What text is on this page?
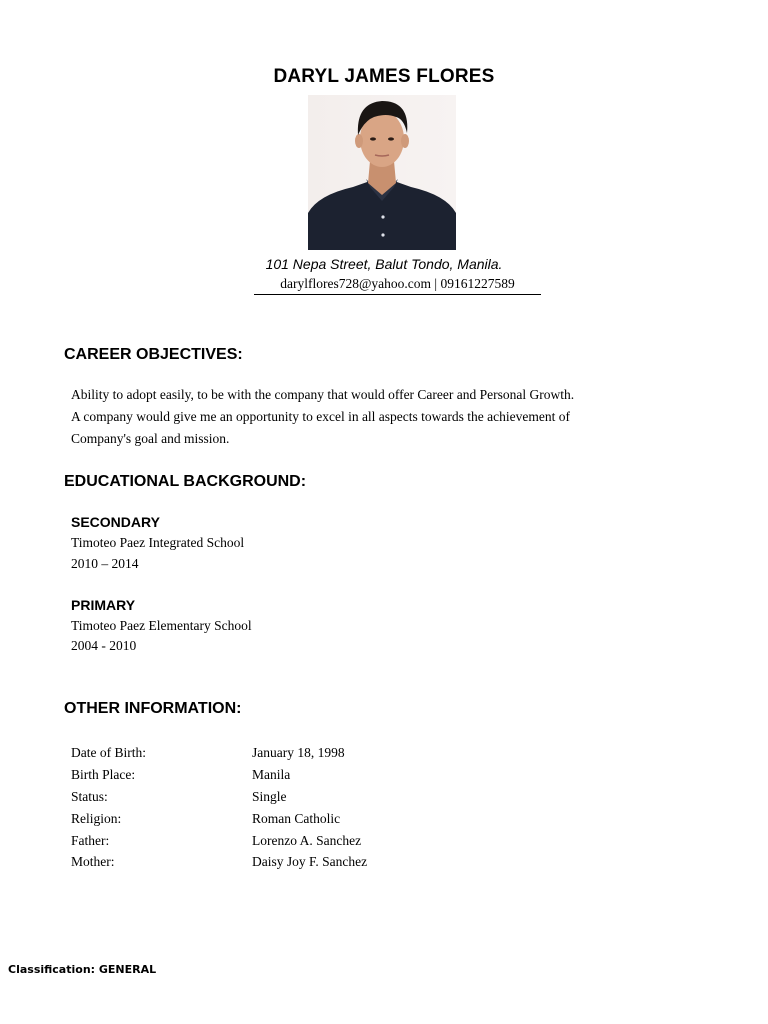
DARYL JAMES FLORES
101 Nepa Street, Balut Tondo, Manila.
darylflores728@yahoo.com | 09161227589
CAREER OBJECTIVES:
Ability to adopt easily, to be with the company that would offer Career and Personal Growth.
A company would give me an opportunity to excel in all aspects towards the achievement of
Company's goal and mission.
EDUCATIONAL BACKGROUND:
SECONDARY
Timoteo Paez Integrated School
2010 – 2014
PRIMARY
Timoteo Paez Elementary School
2004 - 2010
OTHER INFORMATION:
Date of Birth:	January 18, 1998
Birth Place:	Manila
Status:	Single
Religion:	Roman Catholic
Father:	Lorenzo A. Sanchez
Mother:	Daisy Joy F. Sanchez
Classification: GENERAL
